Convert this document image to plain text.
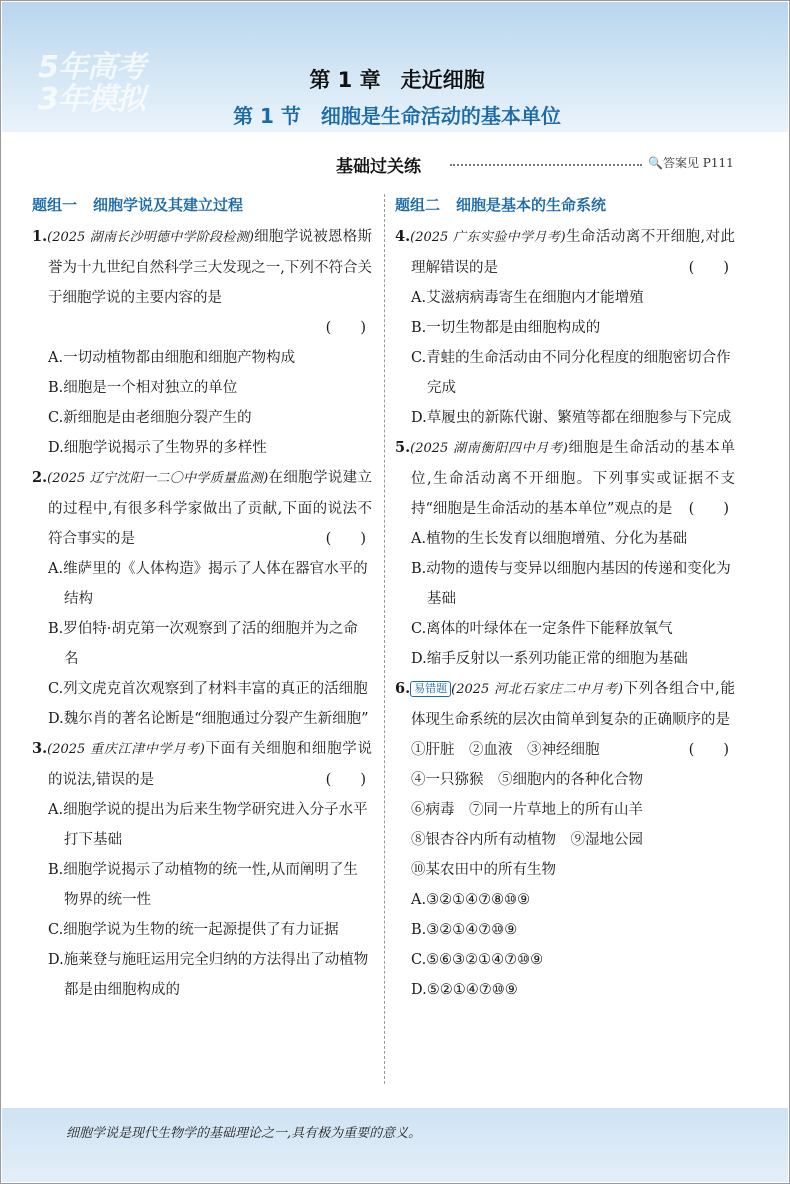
5年高考
3年模拟
第 1 章 走近细胞
第 1 节 细胞是生命活动的基本单位
基础过关练	🔍答案见 P111
题组一 细胞学说及其建立过程
1.(2025 湖南长沙明德中学阶段检测)细胞学说被恩格斯誉为十九世纪自然科学三大发现之一,下列不符合关于细胞学说的主要内容的是
(　　)
A.一切动植物都由细胞和细胞产物构成
B.细胞是一个相对独立的单位
C.新细胞是由老细胞分裂产生的
D.细胞学说揭示了生物界的多样性
2.(2025 辽宁沈阳一二〇中学质量监测)在细胞学说建立的过程中,有很多科学家做出了贡献,下面的说法不符合事实的是	(　　)
A.维萨里的《人体构造》揭示了人体在器官水平的结构
B.罗伯特·胡克第一次观察到了活的细胞并为之命名
C.列文虎克首次观察到了材料丰富的真正的活细胞
D.魏尔肖的著名论断是“细胞通过分裂产生新细胞”
3.(2025 重庆江津中学月考)下面有关细胞和细胞学说的说法,错误的是	(　　)
A.细胞学说的提出为后来生物学研究进入分子水平打下基础
B.细胞学说揭示了动植物的统一性,从而阐明了生物界的统一性
C.细胞学说为生物的统一起源提供了有力证据
D.施莱登与施旺运用完全归纳的方法得出了动植物都是由细胞构成的
题组二 细胞是基本的生命系统
4.(2025 广东实验中学月考)生命活动离不开细胞,对此理解错误的是	(　　)
A.艾滋病病毒寄生在细胞内才能增殖
B.一切生物都是由细胞构成的
C.青蛙的生命活动由不同分化程度的细胞密切合作完成
D.草履虫的新陈代谢、繁殖等都在细胞参与下完成
5.(2025 湖南衡阳四中月考)细胞是生命活动的基本单位,生命活动离不开细胞。下列事实或证据不支持“细胞是生命活动的基本单位”观点的是 (　　)
A.植物的生长发育以细胞增殖、分化为基础
B.动物的遗传与变异以细胞内基因的传递和变化为基础
C.离体的叶绿体在一定条件下能释放氧气
D.缩手反射以一系列功能正常的细胞为基础
6. 易错题 (2025 河北石家庄二中月考)下列各组合中,能体现生命系统的层次由简单到复杂的正确顺序的是
(　　)
①肝脏　②血液　③神经细胞
④一只猕猴　⑤细胞内的各种化合物
⑥病毒　⑦同一片草地上的所有山羊
⑧银杏谷内所有动植物　⑨湿地公园
⑩某农田中的所有生物
A.③②①④⑦⑧⑩⑨
B.③②①④⑦⑩⑨
C.⑤⑥③②①④⑦⑩⑨
D.⑤②①④⑦⑩⑨
细胞学说是现代生物学的基础理论之一,具有极为重要的意义。
